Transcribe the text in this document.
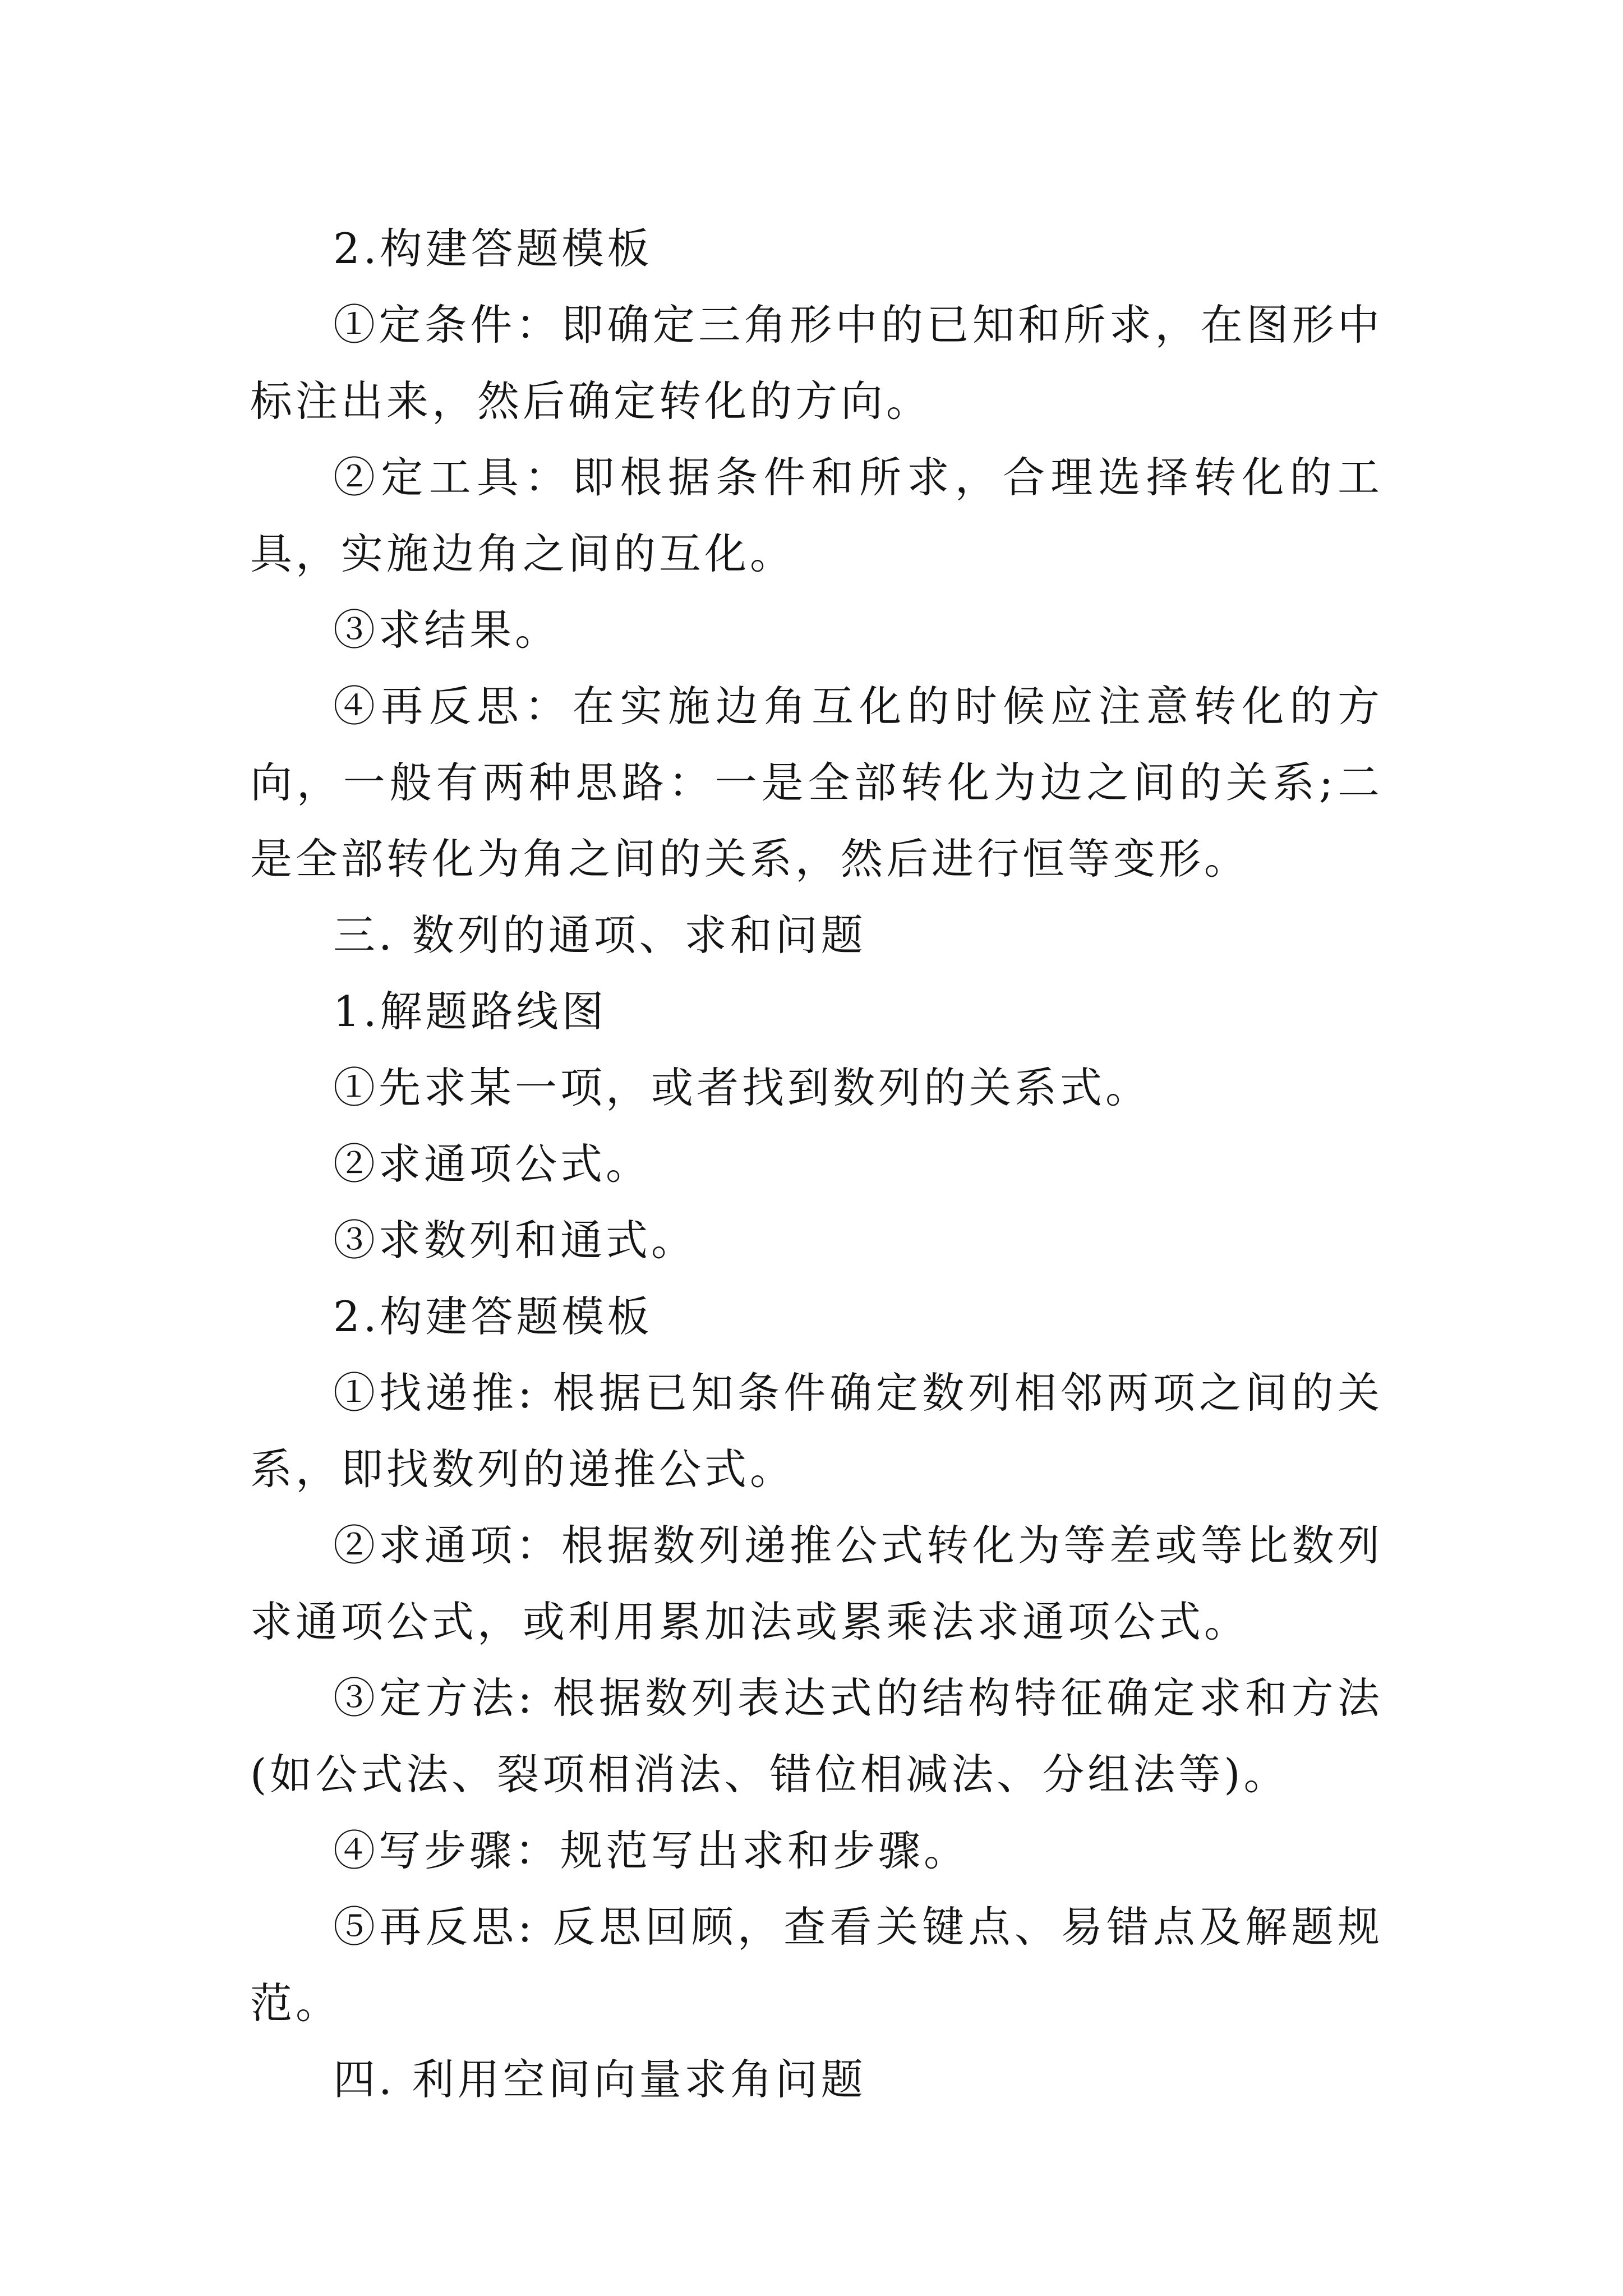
2.构建答题模板

①定条件：即确定三角形中的已知和所求，在图形中标注出来，然后确定转化的方向。

②定工具：即根据条件和所求，合理选择转化的工具，实施边角之间的互化。

③求结果。

④再反思：在实施边角互化的时候应注意转化的方向，一般有两种思路：一是全部转化为边之间的关系;二是全部转化为角之间的关系，然后进行恒等变形。

三. 数列的通项、求和问题

1.解题路线图

①先求某一项，或者找到数列的关系式。

②求通项公式。

③求数列和通式。

2.构建答题模板

①找递推: 根据已知条件确定数列相邻两项之间的关系，即找数列的递推公式。

②求通项：根据数列递推公式转化为等差或等比数列求通项公式，或利用累加法或累乘法求通项公式。

③定方法: 根据数列表达式的结构特征确定求和方法(如公式法、裂项相消法、错位相减法、分组法等)。

④写步骤：规范写出求和步骤。

⑤再反思: 反思回顾，查看关键点、易错点及解题规范。

四. 利用空间向量求角问题
